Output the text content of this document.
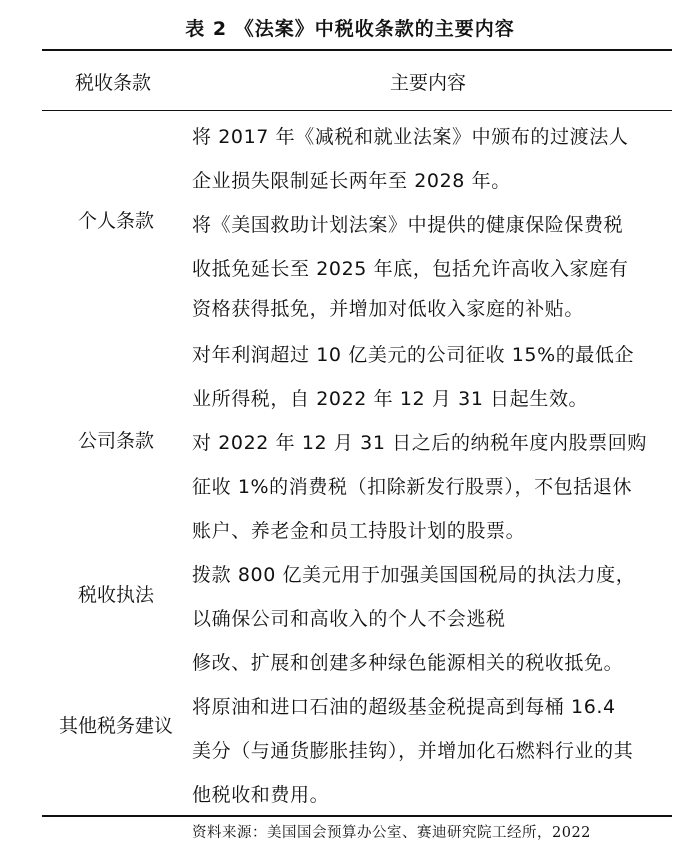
表 2 《法案》中税收条款的主要内容
税收条款	主要内容
个人条款
公司条款
税收执法
其他税务建议
将 2017 年《减税和就业法案》中颁布的过渡法人
企业损失限制延长两年至 2028 年。
将《美国救助计划法案》中提供的健康保险保费税
收抵免延长至 2025 年底，包括允许高收入家庭有
资格获得抵免，并增加对低收入家庭的补贴。
对年利润超过 10 亿美元的公司征收 15%的最低企
业所得税，自 2022 年 12 月 31 日起生效。
对 2022 年 12 月 31 日之后的纳税年度内股票回购
征收 1%的消费税（扣除新发行股票），不包括退休
账户、养老金和员工持股计划的股票。
拨款 800 亿美元用于加强美国国税局的执法力度，
以确保公司和高收入的个人不会逃税
修改、扩展和创建多种绿色能源相关的税收抵免。
将原油和进口石油的超级基金税提高到每桶 16.4
美分（与通货膨胀挂钩），并增加化石燃料行业的其
他税收和费用。
资料来源：美国国会预算办公室、赛迪研究院工经所，2022
